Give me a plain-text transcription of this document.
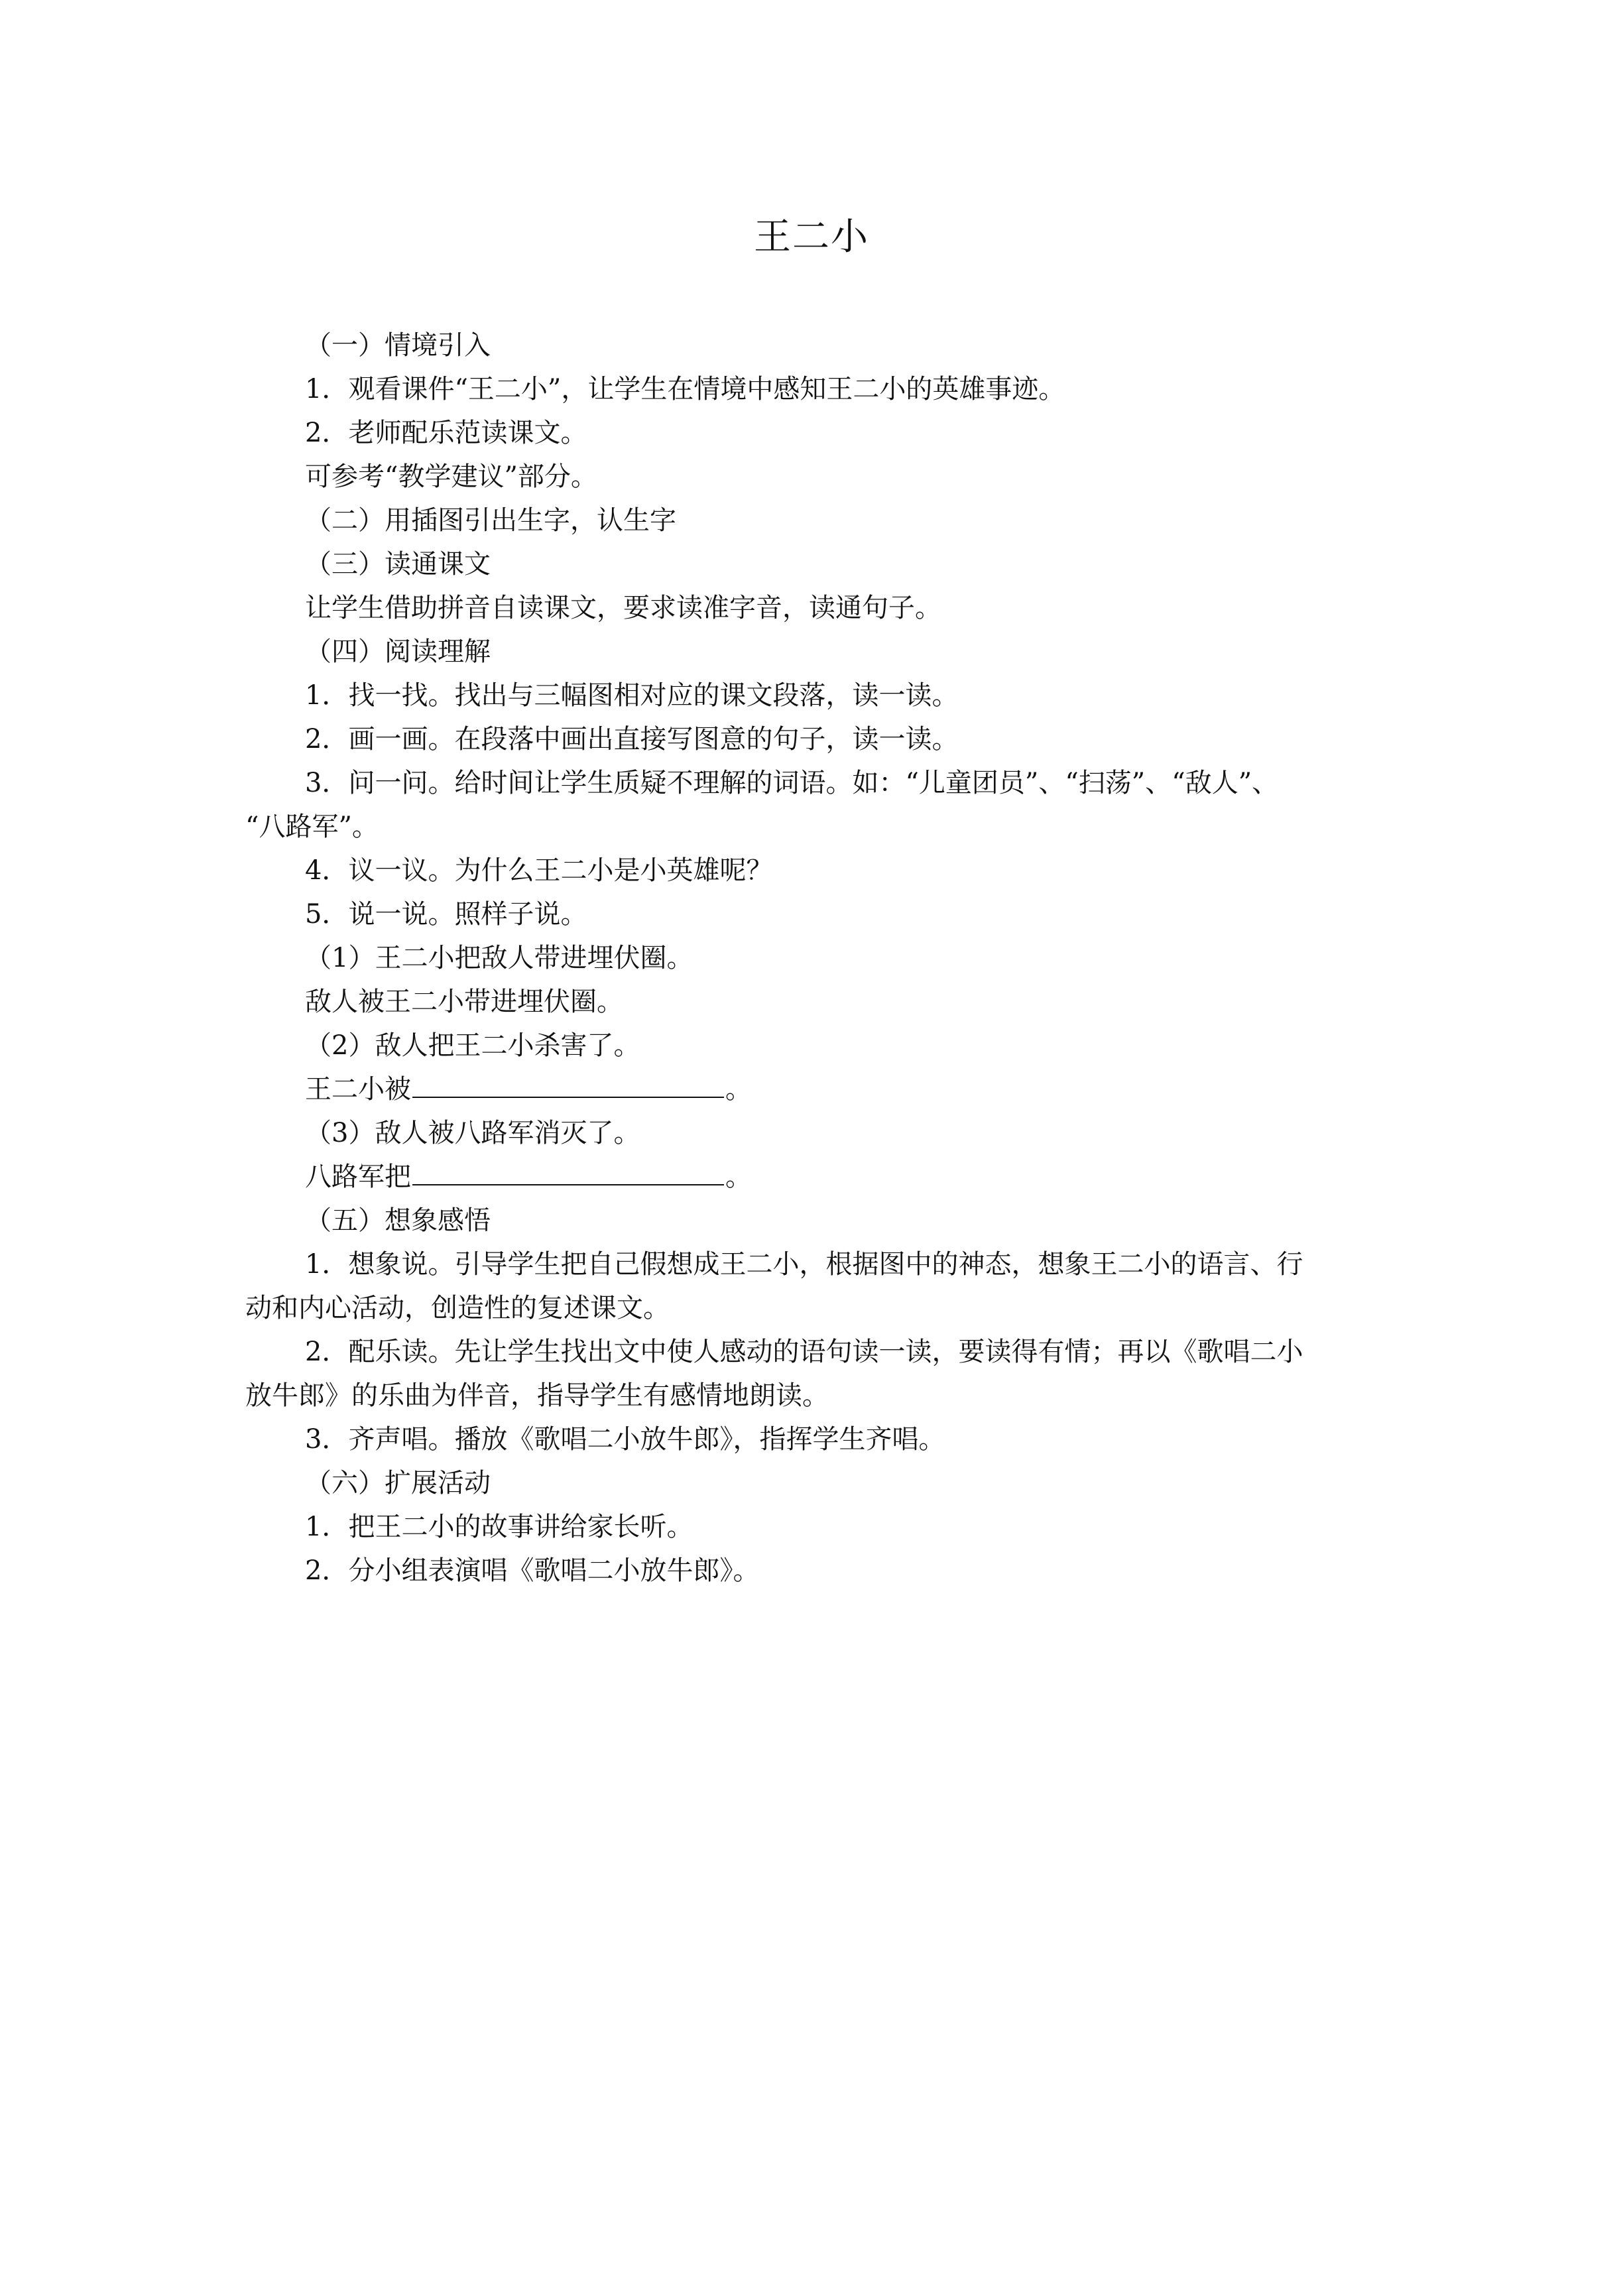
王二小
（一）情境引入
1．观看课件“王二小”，让学生在情境中感知王二小的英雄事迹。
2．老师配乐范读课文。
可参考“教学建议”部分。
（二）用插图引出生字，认生字
（三）读通课文
让学生借助拼音自读课文，要求读准字音，读通句子。
（四）阅读理解
1．找一找。找出与三幅图相对应的课文段落，读一读。
2．画一画。在段落中画出直接写图意的句子，读一读。
3．问一问。给时间让学生质疑不理解的词语。如：“儿童团员”、“扫荡”、“敌人”、
“八路军”。
4．议一议。为什么王二小是小英雄呢？
5．说一说。照样子说。
（1）王二小把敌人带进埋伏圈。
敌人被王二小带进埋伏圈。
（2）敌人把王二小杀害了。
王二小被	。
（3）敌人被八路军消灭了。
八路军把	。
（五）想象感悟
1．想象说。引导学生把自己假想成王二小，根据图中的神态，想象王二小的语言、行
动和内心活动，创造性的复述课文。
2．配乐读。先让学生找出文中使人感动的语句读一读，要读得有情；再以《歌唱二小
放牛郎》的乐曲为伴音，指导学生有感情地朗读。
3．齐声唱。播放《歌唱二小放牛郎》，指挥学生齐唱。
（六）扩展活动
1．把王二小的故事讲给家长听。
2．分小组表演唱《歌唱二小放牛郎》。
